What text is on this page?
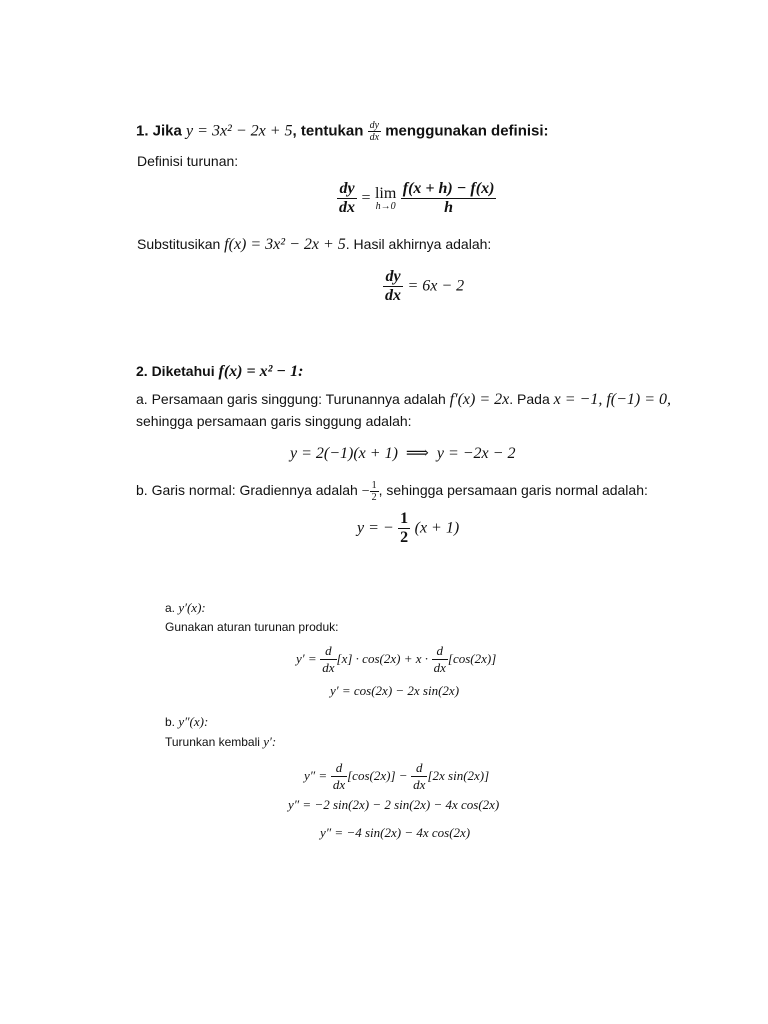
1. Jika y = 3x² − 2x + 5, tentukan $\frac{dy}{dx}$ menggunakan definisi:
Definisi turunan:
$\frac{dy}{dx} = \lim$
h→0
$\frac{f(x + h) - f(x)}{h}$
Substitusikan f(x) = 3x² − 2x + 5. Hasil akhirnya adalah:
$\frac{dy}{dx} = 6x - 2$
2. Diketahui f(x) = x² − 1:
a. Persamaan garis singgung: Turunannya adalah f′(x) = 2x. Pada x = −1, f(−1) = 0,
sehingga persamaan garis singgung adalah:
y = 2(−1)(x + 1)  ⟹  y = −2x − 2
b. Garis normal: Gradiennya adalah − $\frac{1}{2}$ , sehingga persamaan garis normal adalah:
y = − $\frac{1}{2} (x + 1)$
a. y′(x):
Gunakan aturan turunan produk:
$y' = \frac{d}{dx} [x] \cdot \cos(2x) + x \cdot \frac{d}{dx} [\cos(2x)]$
y′ = cos(2x) − 2x sin(2x)
b. y″(x):
Turunkan kembali y′:
$y'' = \frac{d}{dx} [\cos(2x)] - \frac{d}{dx} [2x$ sin(2x)]
y″ = −2 sin(2x) − 2 sin(2x) − 4x cos(2x)
y″ = −4 sin(2x) − 4x cos(2x)
